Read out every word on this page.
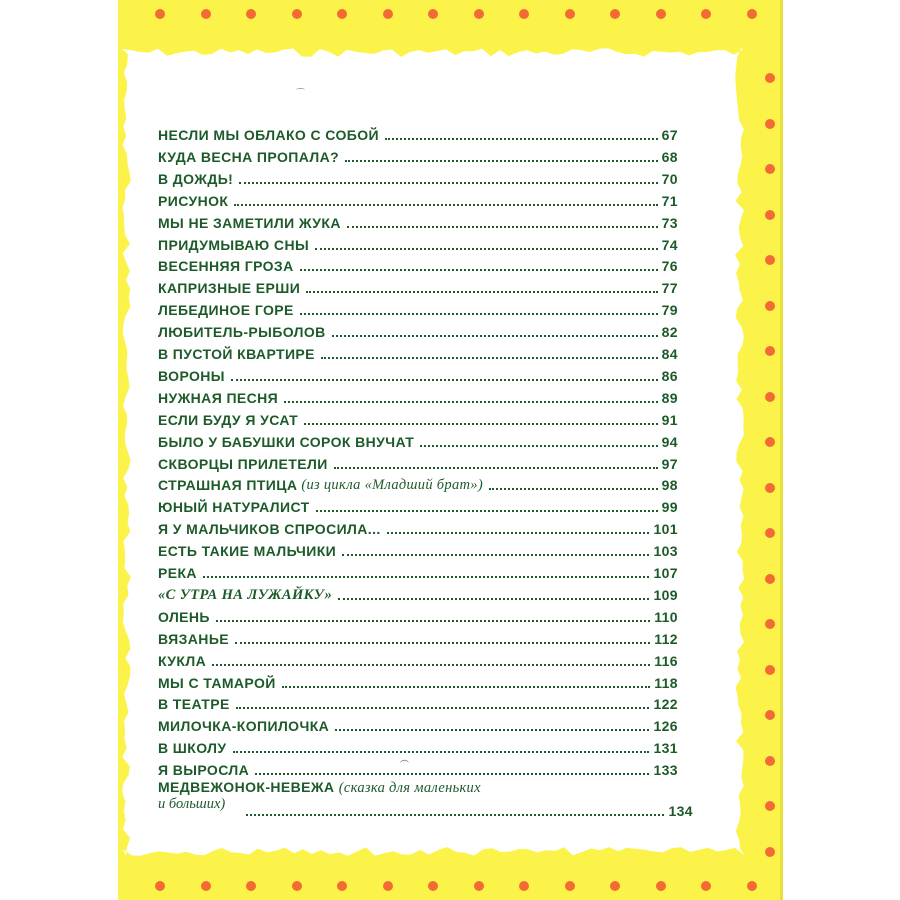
НЕСЛИ МЫ ОБЛАКО С СОБОЙ	67
КУДА ВЕСНА ПРОПАЛА?	68
В ДОЖДЬ!	70
РИСУНОК	71
МЫ НЕ ЗАМЕТИЛИ ЖУКА	73
ПРИДУМЫВАЮ СНЫ	74
ВЕСЕННЯЯ ГРОЗА	76
КАПРИЗНЫЕ ЕРШИ	77
ЛЕБЕДИНОЕ ГОРЕ	79
ЛЮБИТЕЛЬ-РЫБОЛОВ	82
В ПУСТОЙ КВАРТИРЕ	84
ВОРОНЫ	86
НУЖНАЯ ПЕСНЯ	89
ЕСЛИ БУДУ Я УСАТ	91
БЫЛО У БАБУШКИ СОРОК ВНУЧАТ	94
СКВОРЦЫ ПРИЛЕТЕЛИ	97
СТРАШНАЯ ПТИЦА (из цикла «Младший брат»)	98
ЮНЫЙ НАТУРАЛИСТ	99
Я У МАЛЬЧИКОВ СПРОСИЛА...	101
ЕСТЬ ТАКИЕ МАЛЬЧИКИ	103
РЕКА	107
«С УТРА НА ЛУЖАЙКУ»	109
ОЛЕНЬ	110
ВЯЗАНЬЕ	112
КУКЛА	116
МЫ С ТАМАРОЙ	118
В ТЕАТРЕ	122
МИЛОЧКА-КОПИЛОЧКА	126
В ШКОЛУ	131
Я ВЫРОСЛА	133
МЕДВЕЖОНОК-НЕВЕЖА (сказка для маленьких
и больших)	134
⌒
︵
